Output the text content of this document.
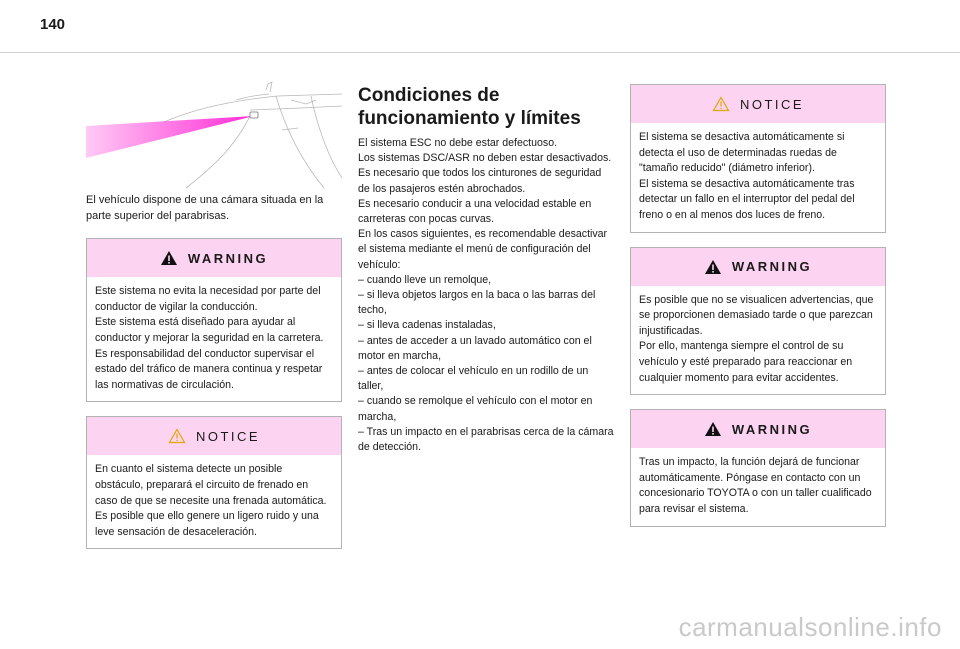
140
El vehículo dispone de una cámara situada en la parte superior del parabrisas.
WARNING

Este sistema no evita la necesidad por parte del conductor de vigilar la conducción.

Este sistema está diseñado para ayudar al conductor y mejorar la seguridad en la carretera.

Es responsabilidad del conductor supervisar el estado del tráfico de manera continua y respetar las normativas de circulación.

NOTICE

En cuanto el sistema detecte un posible obstáculo, preparará el circuito de frenado en caso de que se necesite una frenada automática.

Es posible que ello genere un ligero ruido y una leve sensación de desaceleración.

Condiciones de funcionamiento y límites

El sistema ESC no debe estar defectuoso.

Los sistemas DSC/ASR no deben estar desactivados.

Es necesario que todos los cinturones de seguridad de los pasajeros estén abrochados.

Es necesario conducir a una velocidad estable en carreteras con pocas curvas.

En los casos siguientes, es recomendable desactivar el sistema mediante el menú de configuración del vehículo:

– cuando lleve un remolque,

– si lleva objetos largos en la baca o las barras del techo,

– si lleva cadenas instaladas,

– antes de acceder a un lavado automático con el motor en marcha,

– antes de colocar el vehículo en un rodillo de un taller,

– cuando se remolque el vehículo con el motor en marcha,

– Tras un impacto en el parabrisas cerca de la cámara de detección.

NOTICE

El sistema se desactiva automáticamente si detecta el uso de determinadas ruedas de "tamaño reducido" (diámetro inferior).

El sistema se desactiva automáticamente tras detectar un fallo en el interruptor del pedal del freno o en al menos dos luces de freno.

WARNING

Es posible que no se visualicen advertencias, que se proporcionen demasiado tarde o que parezcan injustificadas.

Por ello, mantenga siempre el control de su vehículo y esté preparado para reaccionar en cualquier momento para evitar accidentes.

WARNING

Tras un impacto, la función dejará de funcionar automáticamente. Póngase en contacto con un concesionario TOYOTA o con un taller cualificado para revisar el sistema.

carmanualsonline.info
